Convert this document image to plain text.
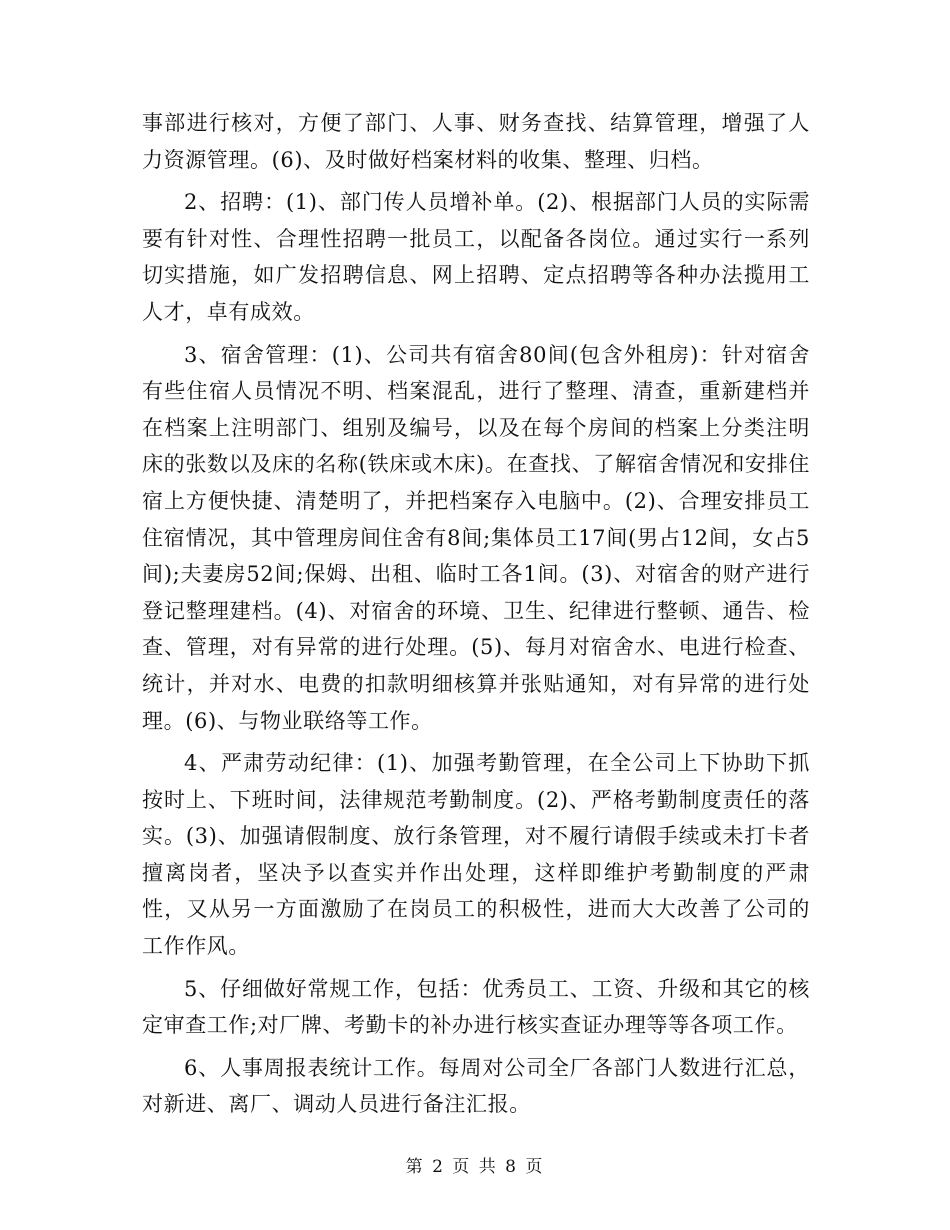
事部进行核对，方便了部门、人事、财务查找、结算管理，增强了人力资源管理。(6)、及时做好档案材料的收集、整理、归档。

2、招聘：(1)、部门传人员增补单。(2)、根据部门人员的实际需要有针对性、合理性招聘一批员工，以配备各岗位。通过实行一系列切实措施，如广发招聘信息、网上招聘、定点招聘等各种办法揽用工人才，卓有成效。

3、宿舍管理：(1)、公司共有宿舍80间(包含外租房)：针对宿舍有些住宿人员情况不明、档案混乱，进行了整理、清查，重新建档并在档案上注明部门、组别及编号，以及在每个房间的档案上分类注明床的张数以及床的名称(铁床或木床)。在查找、了解宿舍情况和安排住宿上方便快捷、清楚明了，并把档案存入电脑中。(2)、合理安排员工住宿情况，其中管理房间住舍有8间;集体员工17间(男占12间，女占5间);夫妻房52间;保姆、出租、临时工各1间。(3)、对宿舍的财产进行登记整理建档。(4)、对宿舍的环境、卫生、纪律进行整顿、通告、检查、管理，对有异常的进行处理。(5)、每月对宿舍水、电进行检查、统计，并对水、电费的扣款明细核算并张贴通知，对有异常的进行处理。(6)、与物业联络等工作。

4、严肃劳动纪律：(1)、加强考勤管理，在全公司上下协助下抓按时上、下班时间，法律规范考勤制度。(2)、严格考勤制度责任的落实。(3)、加强请假制度、放行条管理，对不履行请假手续或未打卡者擅离岗者，坚决予以查实并作出处理，这样即维护考勤制度的严肃性，又从另一方面激励了在岗员工的积极性，进而大大改善了公司的工作作风。

5、仔细做好常规工作，包括：优秀员工、工资、升级和其它的核定审查工作;对厂牌、考勤卡的补办进行核实查证办理等等各项工作。

6、人事周报表统计工作。每周对公司全厂各部门人数进行汇总，对新进、离厂、调动人员进行备注汇报。

第 2 页 共 8 页
